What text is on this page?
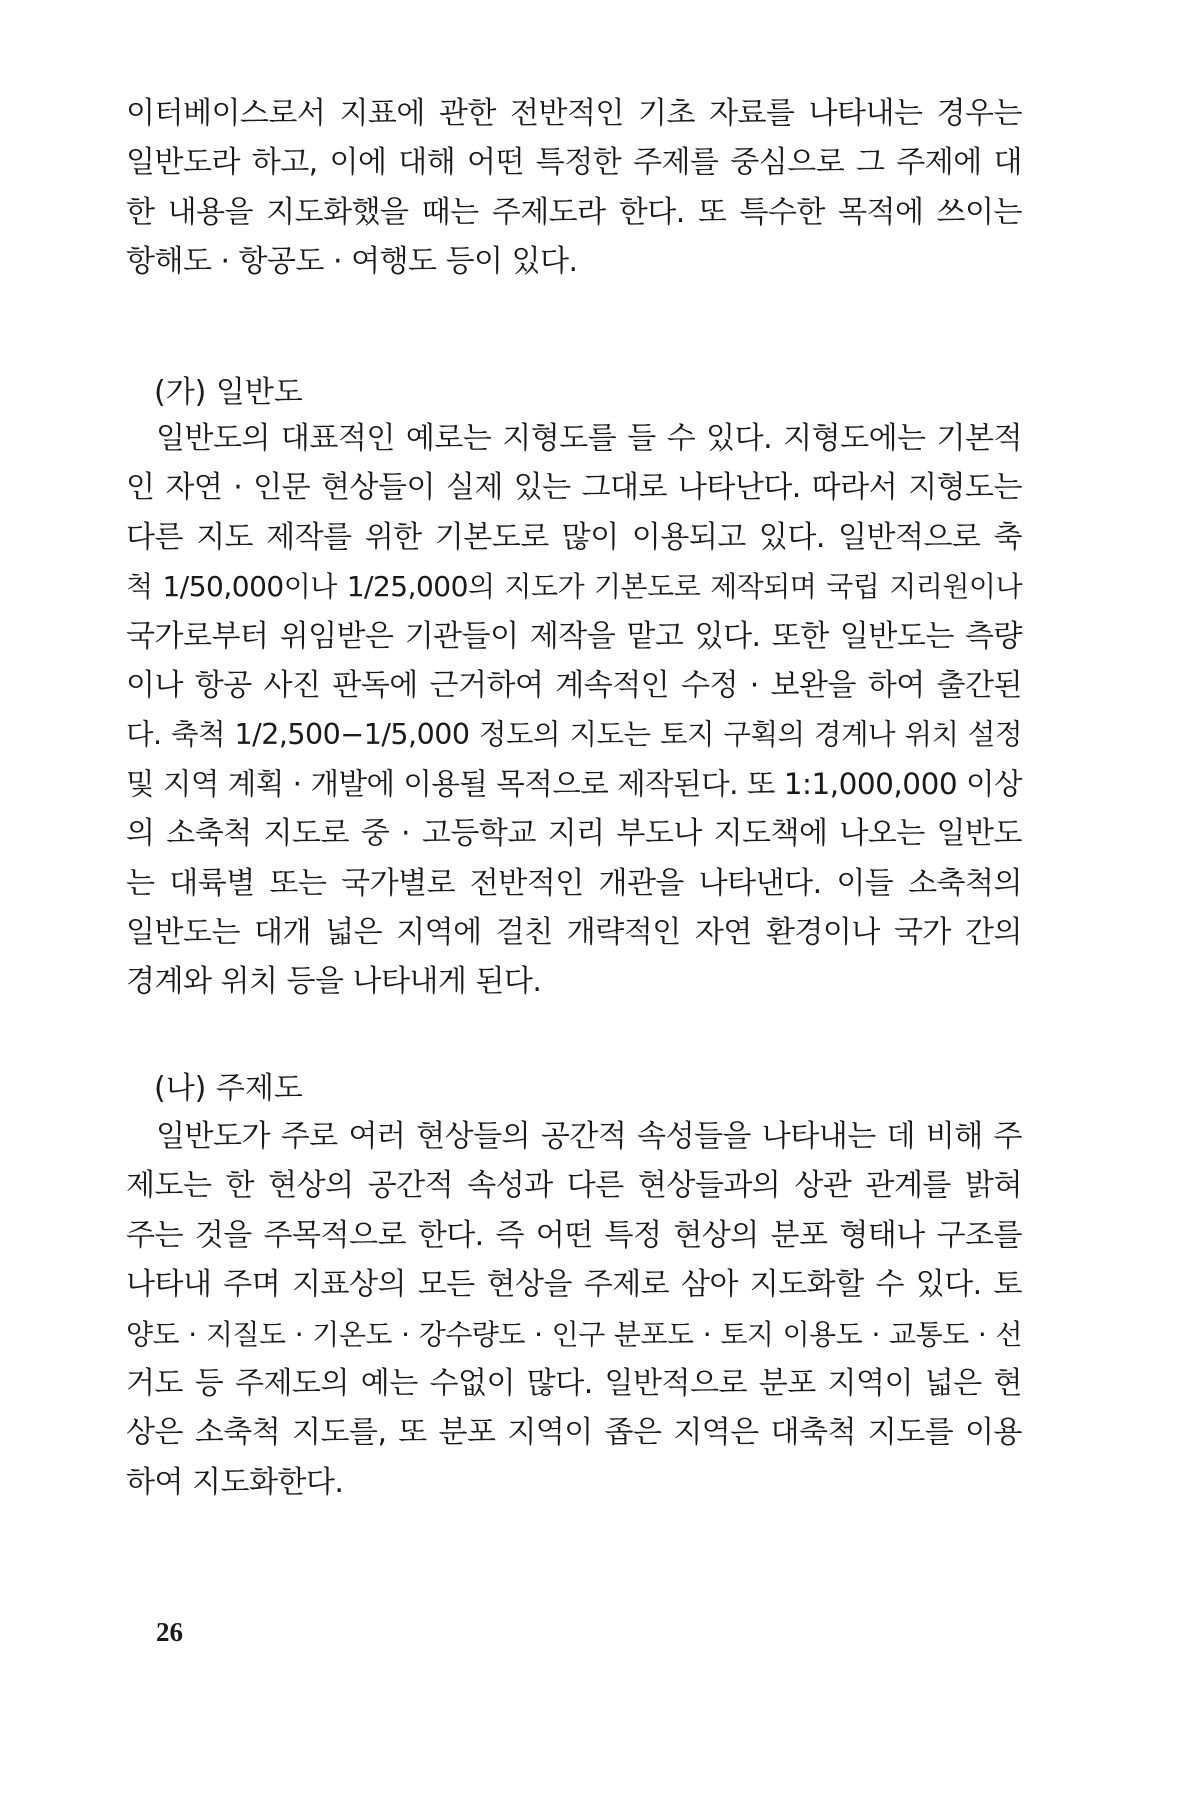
이터베이스로서 지표에 관한 전반적인 기초 자료를 나타내는 경우는
일반도라 하고, 이에 대해 어떤 특정한 주제를 중심으로 그 주제에 대
한 내용을 지도화했을 때는 주제도라 한다. 또 특수한 목적에 쓰이는
항해도 · 항공도 · 여행도 등이 있다.
(가) 일반도
일반도의 대표적인 예로는 지형도를 들 수 있다. 지형도에는 기본적
인 자연 · 인문 현상들이 실제 있는 그대로 나타난다. 따라서 지형도는
다른 지도 제작를 위한 기본도로 많이 이용되고 있다. 일반적으로 축
척 1/50,000이나 1/25,000의 지도가 기본도로 제작되며 국립 지리원이나
국가로부터 위임받은 기관들이 제작을 맡고 있다. 또한 일반도는 측량
이나 항공 사진 판독에 근거하여 계속적인 수정 · 보완을 하여 출간된
다. 축척 1/2,500−1/5,000 정도의 지도는 토지 구획의 경계나 위치 설정
및 지역 계획 · 개발에 이용될 목적으로 제작된다. 또 1:1,000,000 이상
의 소축척 지도로 중 · 고등학교 지리 부도나 지도책에 나오는 일반도
는 대륙별 또는 국가별로 전반적인 개관을 나타낸다. 이들 소축척의
일반도는 대개 넓은 지역에 걸친 개략적인 자연 환경이나 국가 간의
경계와 위치 등을 나타내게 된다.
(나) 주제도
일반도가 주로 여러 현상들의 공간적 속성들을 나타내는 데 비해 주
제도는 한 현상의 공간적 속성과 다른 현상들과의 상관 관계를 밝혀
주는 것을 주목적으로 한다. 즉 어떤 특정 현상의 분포 형태나 구조를
나타내 주며 지표상의 모든 현상을 주제로 삼아 지도화할 수 있다. 토
양도 · 지질도 · 기온도 · 강수량도 · 인구 분포도 · 토지 이용도 · 교통도 · 선
거도 등 주제도의 예는 수없이 많다. 일반적으로 분포 지역이 넓은 현
상은 소축척 지도를, 또 분포 지역이 좁은 지역은 대축척 지도를 이용
하여 지도화한다.
26
